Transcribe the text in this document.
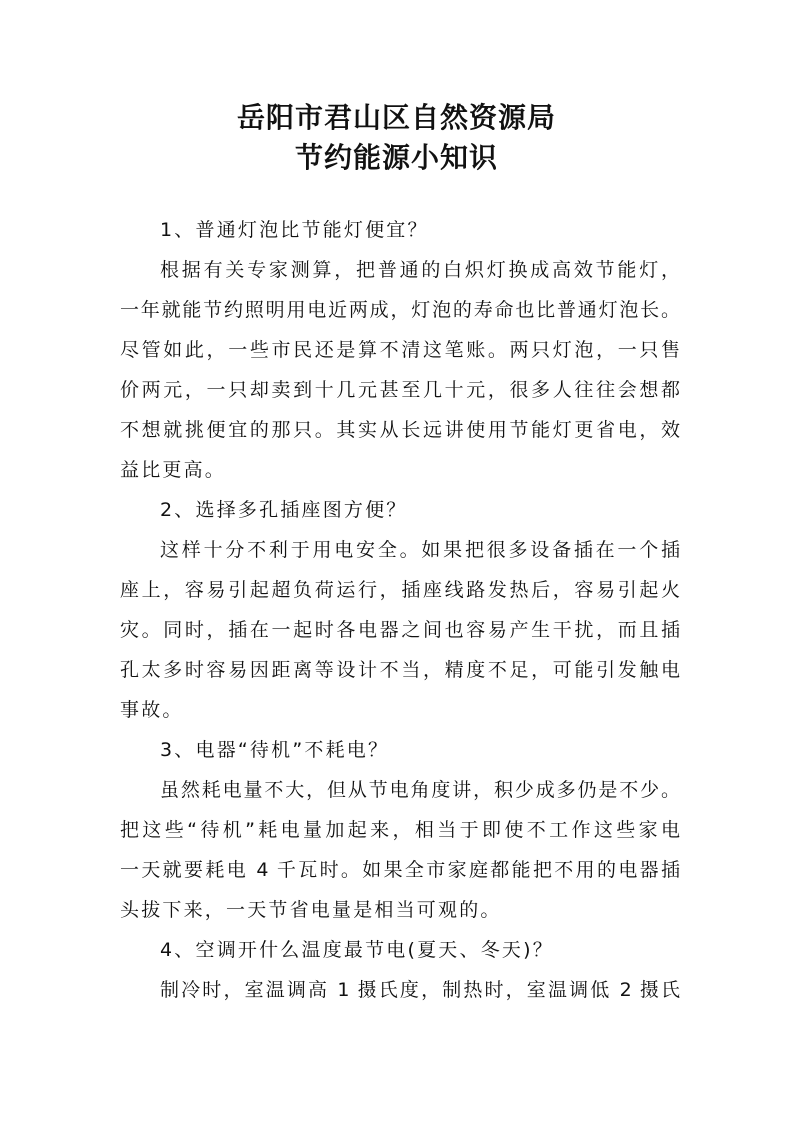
岳阳市君山区自然资源局
节约能源小知识
1、普通灯泡比节能灯便宜？
根据有关专家测算，把普通的白炽灯换成高效节能灯，
一年就能节约照明用电近两成，灯泡的寿命也比普通灯泡长。
尽管如此，一些市民还是算不清这笔账。两只灯泡，一只售
价两元，一只却卖到十几元甚至几十元，很多人往往会想都
不想就挑便宜的那只。其实从长远讲使用节能灯更省电，效
益比更高。
2、选择多孔插座图方便？
这样十分不利于用电安全。如果把很多设备插在一个插
座上，容易引起超负荷运行，插座线路发热后，容易引起火
灾。同时，插在一起时各电器之间也容易产生干扰，而且插
孔太多时容易因距离等设计不当，精度不足，可能引发触电
事故。
3、电器“待机”不耗电？
虽然耗电量不大，但从节电角度讲，积少成多仍是不少。
把这些“待机”耗电量加起来，相当于即使不工作这些家电
一天就要耗电 4 千瓦时。如果全市家庭都能把不用的电器插
头拔下来，一天节省电量是相当可观的。
4、空调开什么温度最节电(夏天、冬天)？
制冷时，室温调高 1 摄氏度，制热时，室温调低 2 摄氏
